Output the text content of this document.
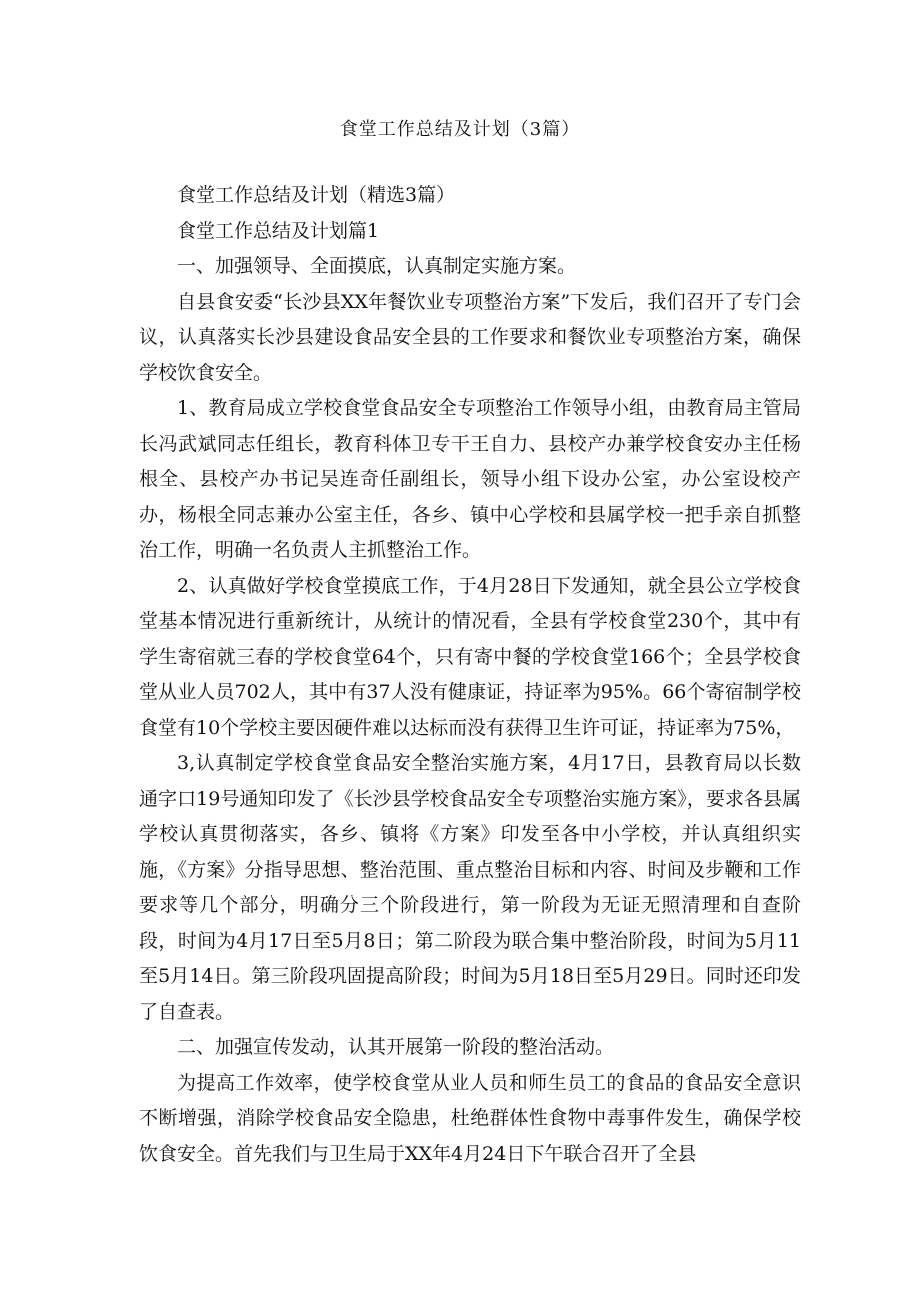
食堂工作总结及计划（3篇）

食堂工作总结及计划（精选3篇）

食堂工作总结及计划篇1

一、加强领导、全面摸底，认真制定实施方案。

自县食安委“长沙县XX年餐饮业专项整治方案”下发后，我们召开了专门会议，认真落实长沙县建设食品安全县的工作要求和餐饮业专项整治方案，确保学校饮食安全。

1、教育局成立学校食堂食品安全专项整治工作领导小组，由教育局主管局长冯武斌同志任组长，教育科体卫专干王自力、县校产办兼学校食安办主任杨根全、县校产办书记吴连奇任副组长，领导小组下设办公室，办公室设校产办，杨根全同志兼办公室主任，各乡、镇中心学校和县属学校一把手亲自抓整治工作，明确一名负责人主抓整治工作。

2、认真做好学校食堂摸底工作，于4月28日下发通知，就全县公立学校食堂基本情况进行重新统计，从统计的情况看，全县有学校食堂230个，其中有学生寄宿就三春的学校食堂64个，只有寄中餐的学校食堂166个；全县学校食堂从业人员702人，其中有37人没有健康证，持证率为95%。66个寄宿制学校食堂有10个学校主要因硬件难以达标而没有获得卫生许可证，持证率为75%，

3,认真制定学校食堂食品安全整治实施方案，4月17日，县教育局以长数通字口19号通知印发了《长沙县学校食品安全专项整治实施方案》，要求各县属学校认真贯彻落实，各乡、镇将《方案》印发至各中小学校，并认真组织实施，《方案》分指导思想、整治范围、重点整治目标和内容、时间及步鞭和工作要求等几个部分，明确分三个阶段进行，第一阶段为无证无照清理和自查阶段，时间为4月17日至5月8日；第二阶段为联合集中整治阶段，时间为5月11至5月14日。第三阶段巩固提高阶段；时间为5月18日至5月29日。同时还印发了自查表。

二、加强宣传发动，认其开展第一阶段的整治活动。

为提高工作效率，使学校食堂从业人员和师生员工的食品的食品安全意识不断增强，消除学校食品安全隐患，杜绝群体性食物中毒事件发生，确保学校饮食安全。首先我们与卫生局于XX年4月24日下午联合召开了全县
